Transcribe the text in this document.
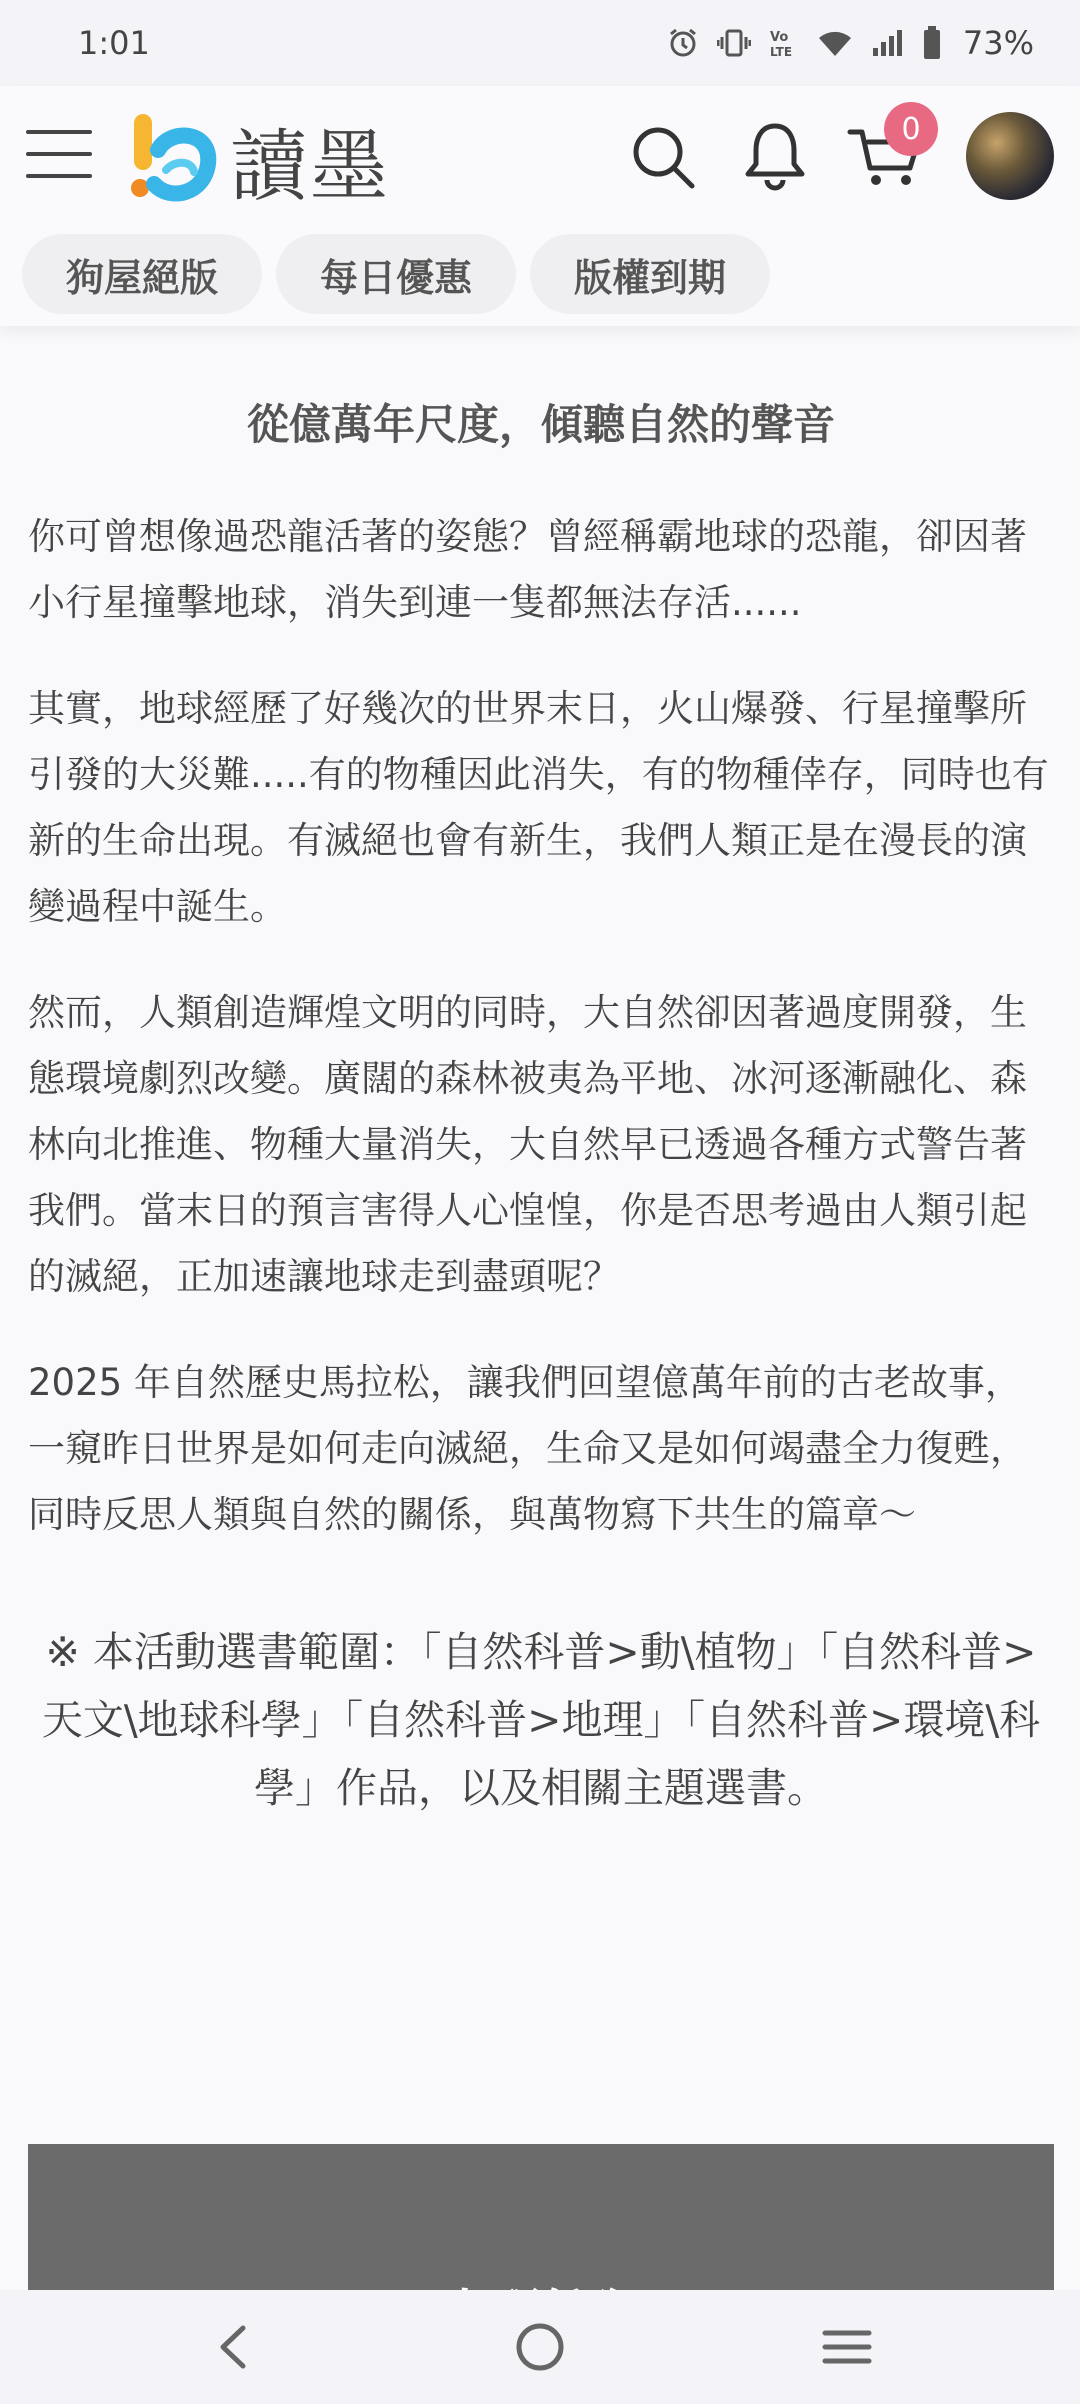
1:01	Vo
LTE	73%
讀墨	0
狗屋絕版	每日優惠	版權到期
從億萬年尺度，傾聽自然的聲音

你可曾想像過恐龍活著的姿態？曾經稱霸地球的恐龍，卻因著小行星撞擊地球，消失到連一隻都無法存活......

其實，地球經歷了好幾次的世界末日，火山爆發、行星撞擊所引發的大災難.....有的物種因此消失，有的物種倖存，同時也有新的生命出現。有滅絕也會有新生，我們人類正是在漫長的演變過程中誕生。

然而，人類創造輝煌文明的同時，大自然卻因著過度開發，生態環境劇烈改變。廣闊的森林被夷為平地、冰河逐漸融化、森林向北推進、物種大量消失，大自然早已透過各種方式警告著我們。當末日的預言害得人心惶惶，你是否思考過由人類引起的滅絕，正加速讓地球走到盡頭呢？

2025 年自然歷史馬拉松，讓我們回望億萬年前的古老故事，一窺昨日世界是如何走向滅絕，生命又是如何竭盡全力復甦，同時反思人類與自然的關係，與萬物寫下共生的篇章～

※ 本活動選書範圍：「自然科普>動\植物」「自然科普>天文\地球科學」「自然科普>地理」「自然科普>環境\科學」作品，以及相關主題選書。
